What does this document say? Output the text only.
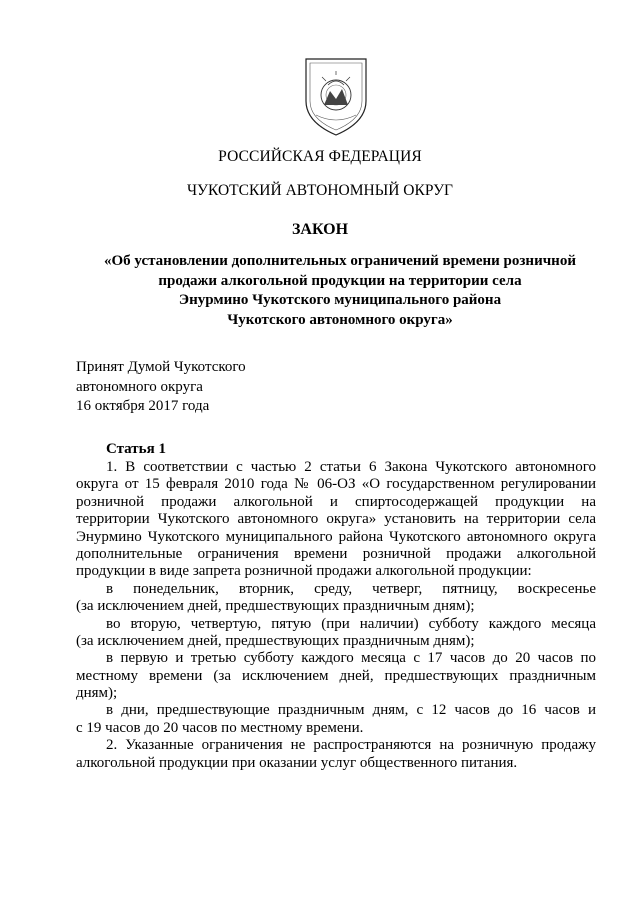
РОССИЙСКАЯ ФЕДЕРАЦИЯ
ЧУКОТСКИЙ АВТОНОМНЫЙ ОКРУГ
ЗАКОН
«Об установлении дополнительных ограничений времени розничной
продажи алкогольной продукции на территории села
Энурмино Чукотского муниципального района
Чукотского автономного округа»
Принят Думой Чукотского
автономного округа
16 октября 2017 года
Статья 1
1. В соответствии с частью 2 статьи 6 Закона Чукотского автономного
округа от 15 февраля 2010 года № 06-ОЗ «О государственном регулировании
розничной продажи алкогольной и спиртосодержащей продукции на
территории Чукотского автономного округа» установить на территории села
Энурмино Чукотского муниципального района Чукотского автономного округа
дополнительные ограничения времени розничной продажи алкогольной
продукции в виде запрета розничной продажи алкогольной продукции:
в понедельник, вторник, среду, четверг, пятницу, воскресенье
(за исключением дней, предшествующих праздничным дням);
во вторую, четвертую, пятую (при наличии) субботу каждого месяца
(за исключением дней, предшествующих праздничным дням);
в первую и третью субботу каждого месяца с 17 часов до 20 часов по
местному времени (за исключением дней, предшествующих праздничным
дням);
в дни, предшествующие праздничным дням, с 12 часов до 16 часов и
с 19 часов до 20 часов по местному времени.
2. Указанные ограничения не распространяются на розничную продажу
алкогольной продукции при оказании услуг общественного питания.
